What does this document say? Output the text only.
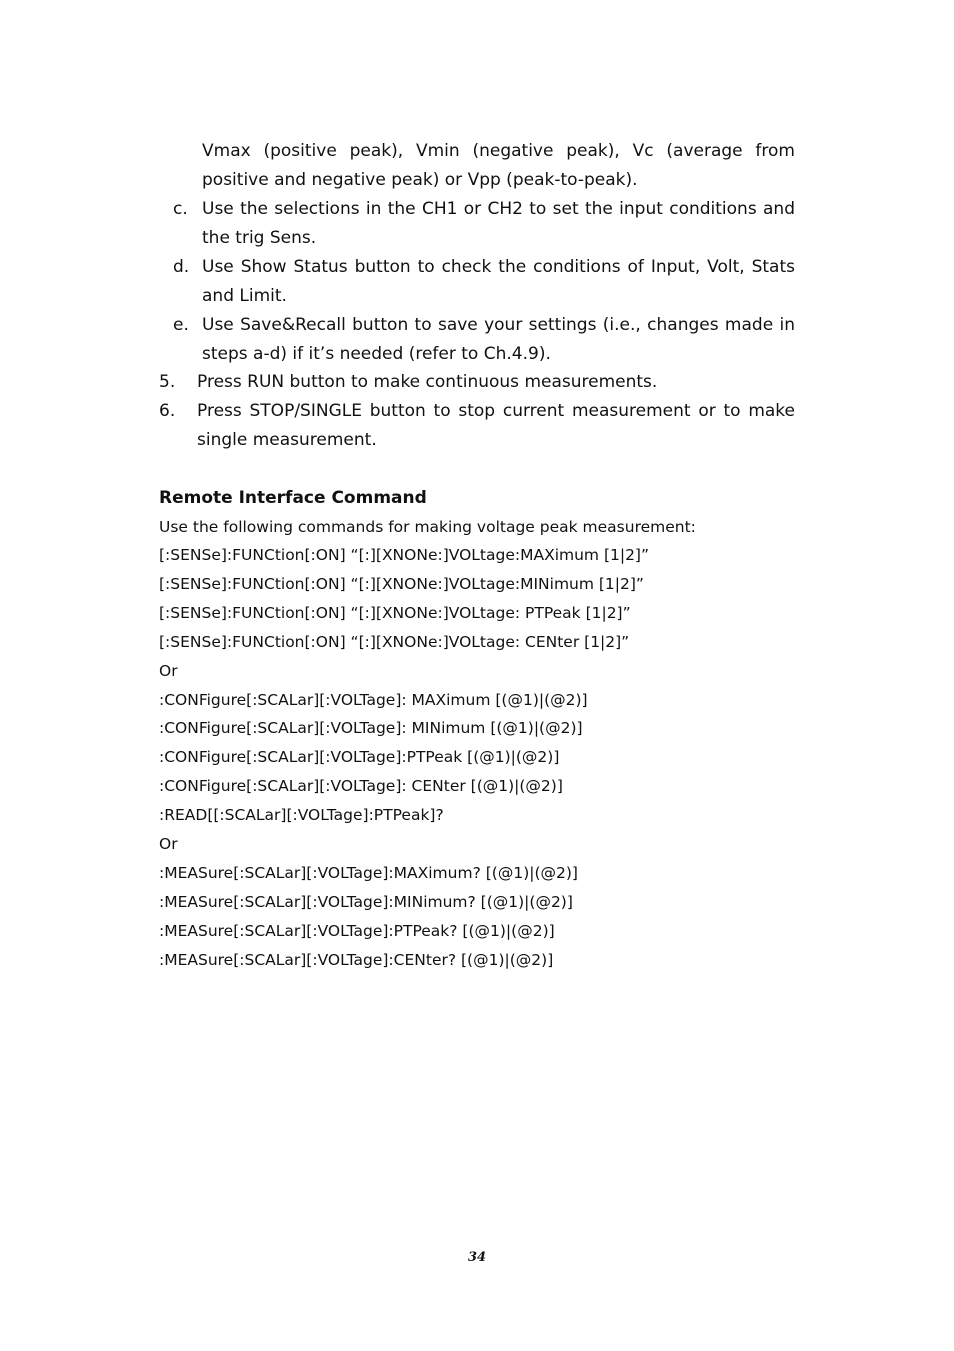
Vmax (positive peak), Vmin (negative peak), Vc (average from positive and negative peak) or Vpp (peak-to-peak).

c. Use the selections in the CH1 or CH2 to set the input conditions and the trig Sens.

d. Use Show Status button to check the conditions of Input, Volt, Stats and Limit.

e. Use Save&Recall button to save your settings (i.e., changes made in steps a-d) if it’s needed (refer to Ch.4.9).

5. Press RUN button to make continuous measurements.

6. Press STOP/SINGLE button to stop current measurement or to make single measurement.

Remote Interface Command
Use the following commands for making voltage peak measurement:
[:SENSe]:FUNCtion[:ON] “[:][XNONe:]VOLtage:MAXimum [1|2]”
[:SENSe]:FUNCtion[:ON] “[:][XNONe:]VOLtage:MINimum [1|2]”
[:SENSe]:FUNCtion[:ON] “[:][XNONe:]VOLtage: PTPeak [1|2]”
[:SENSe]:FUNCtion[:ON] “[:][XNONe:]VOLtage: CENter [1|2]”
Or
:CONFigure[:SCALar][:VOLTage]: MAXimum [(@1)|(@2)]
:CONFigure[:SCALar][:VOLTage]: MINimum [(@1)|(@2)]
:CONFigure[:SCALar][:VOLTage]:PTPeak [(@1)|(@2)]
:CONFigure[:SCALar][:VOLTage]: CENter [(@1)|(@2)]
:READ[[:SCALar][:VOLTage]:PTPeak]?
Or
:MEASure[:SCALar][:VOLTage]:MAXimum? [(@1)|(@2)]
:MEASure[:SCALar][:VOLTage]:MINimum? [(@1)|(@2)]
:MEASure[:SCALar][:VOLTage]:PTPeak? [(@1)|(@2)]
:MEASure[:SCALar][:VOLTage]:CENter? [(@1)|(@2)]
34
